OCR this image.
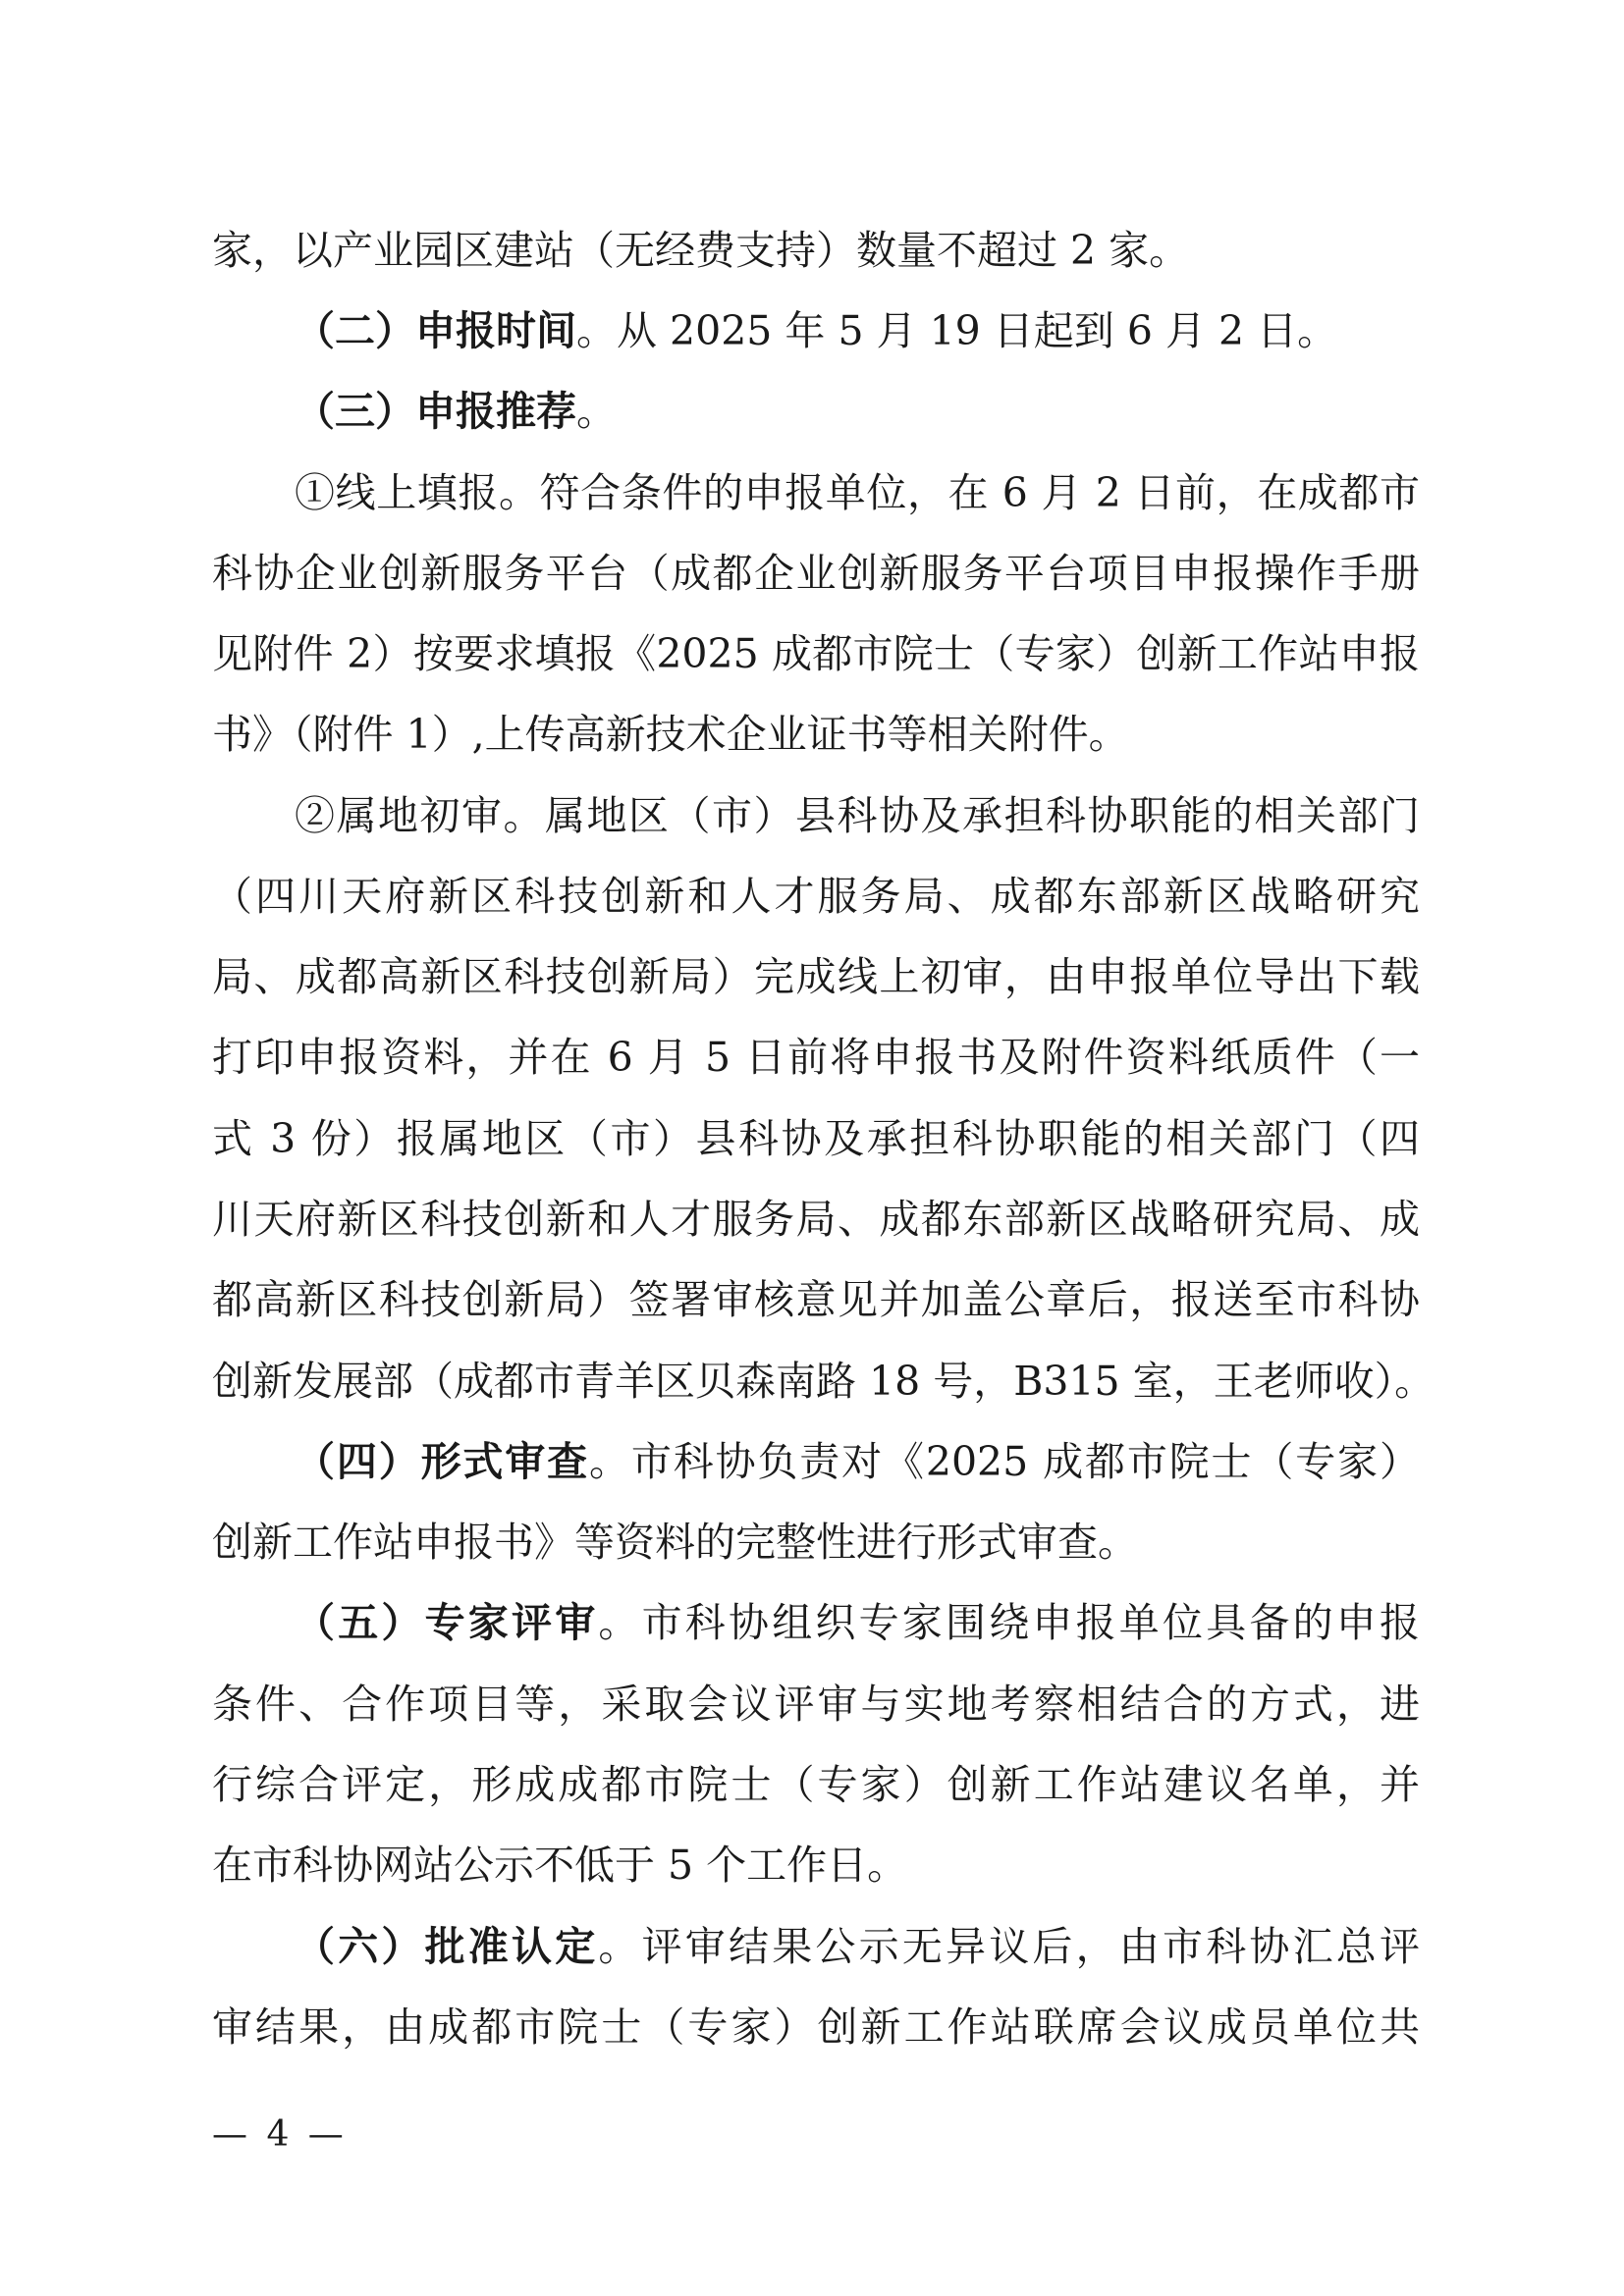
家，以产业园区建站（无经费支持）数量不超过 2 家。
（二）申报时间。从 2025 年 5 月 19 日起到 6 月 2 日。
（三）申报推荐。
①线上填报。符合条件的申报单位，在 6 月 2 日前，在成都市
科协企业创新服务平台（成都企业创新服务平台项目申报操作手册
见附件 2）按要求填报《2025 成都市院士（专家）创新工作站申报
书》（附件 1）,上传高新技术企业证书等相关附件。
②属地初审。属地区（市）县科协及承担科协职能的相关部门
（四川天府新区科技创新和人才服务局、成都东部新区战略研究
局、成都高新区科技创新局）完成线上初审，由申报单位导出下载
打印申报资料，并在 6 月 5 日前将申报书及附件资料纸质件（一
式 3 份）报属地区（市）县科协及承担科协职能的相关部门（四
川天府新区科技创新和人才服务局、成都东部新区战略研究局、成
都高新区科技创新局）签署审核意见并加盖公章后，报送至市科协
创新发展部（成都市青羊区贝森南路 18 号，B315 室，王老师收）。
（四）形式审查。市科协负责对《2025 成都市院士（专家）
创新工作站申报书》等资料的完整性进行形式审查。
（五）专家评审。市科协组织专家围绕申报单位具备的申报
条件、合作项目等，采取会议评审与实地考察相结合的方式，进
行综合评定，形成成都市院士（专家）创新工作站建议名单，并
在市科协网站公示不低于 5 个工作日。
（六）批准认定。评审结果公示无异议后，由市科协汇总评
审结果，由成都市院士（专家）创新工作站联席会议成员单位共
— 4 —
